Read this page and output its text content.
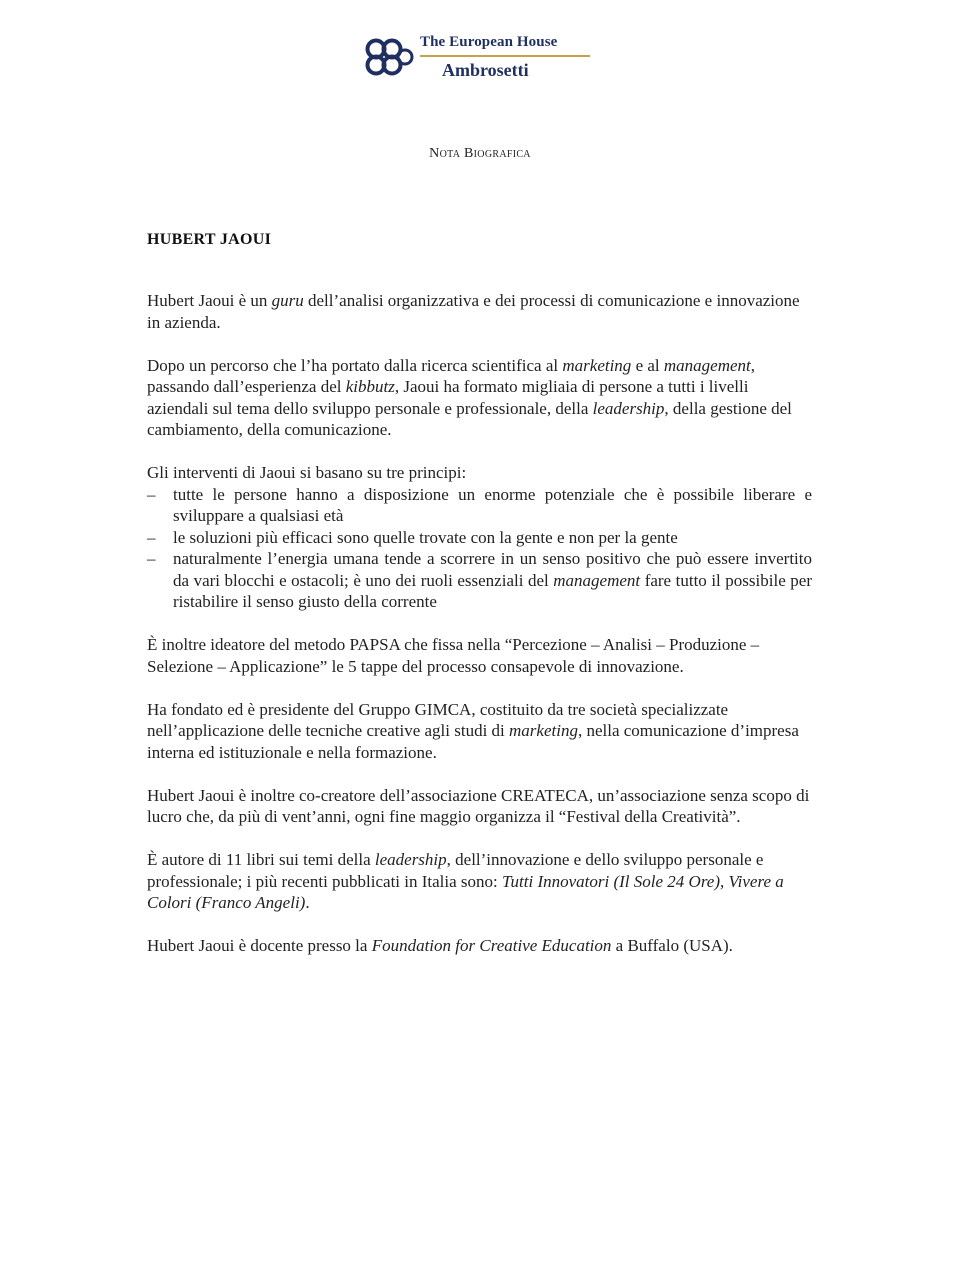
The European House
Ambrosetti
Nota Biografica
HUBERT JAOUI

Hubert Jaoui è un guru dell’analisi organizzativa e dei processi di comunicazione e innovazione in azienda.

Dopo un percorso che l’ha portato dalla ricerca scientifica al marketing e al management, passando dall’esperienza del kibbutz, Jaoui ha formato migliaia di persone a tutti i livelli aziendali sul tema dello sviluppo personale e professionale, della leadership, della gestione del cambiamento, della comunicazione.

Gli interventi di Jaoui si basano su tre principi:

– tutte le persone hanno a disposizione un enorme potenziale che è possibile liberare e sviluppare a qualsiasi età
– le soluzioni più efficaci sono quelle trovate con la gente e non per la gente
– naturalmente l’energia umana tende a scorrere in un senso positivo che può essere invertito da vari blocchi e ostacoli; è uno dei ruoli essenziali del management fare tutto il possibile per ristabilire il senso giusto della corrente

È inoltre ideatore del metodo PAPSA che fissa nella “Percezione – Analisi – Produzione – Selezione – Applicazione” le 5 tappe del processo consapevole di innovazione.

Ha fondato ed è presidente del Gruppo GIMCA, costituito da tre società specializzate nell’applicazione delle tecniche creative agli studi di marketing, nella comunicazione d’impresa interna ed istituzionale e nella formazione.

Hubert Jaoui è inoltre co-creatore dell’associazione CREATECA, un’associazione senza scopo di lucro che, da più di vent’anni, ogni fine maggio organizza il “Festival della Creatività”.

È autore di 11 libri sui temi della leadership, dell’innovazione e dello sviluppo personale e professionale; i più recenti pubblicati in Italia sono: Tutti Innovatori (Il Sole 24 Ore), Vivere a Colori (Franco Angeli).

Hubert Jaoui è docente presso la Foundation for Creative Education a Buffalo (USA).
